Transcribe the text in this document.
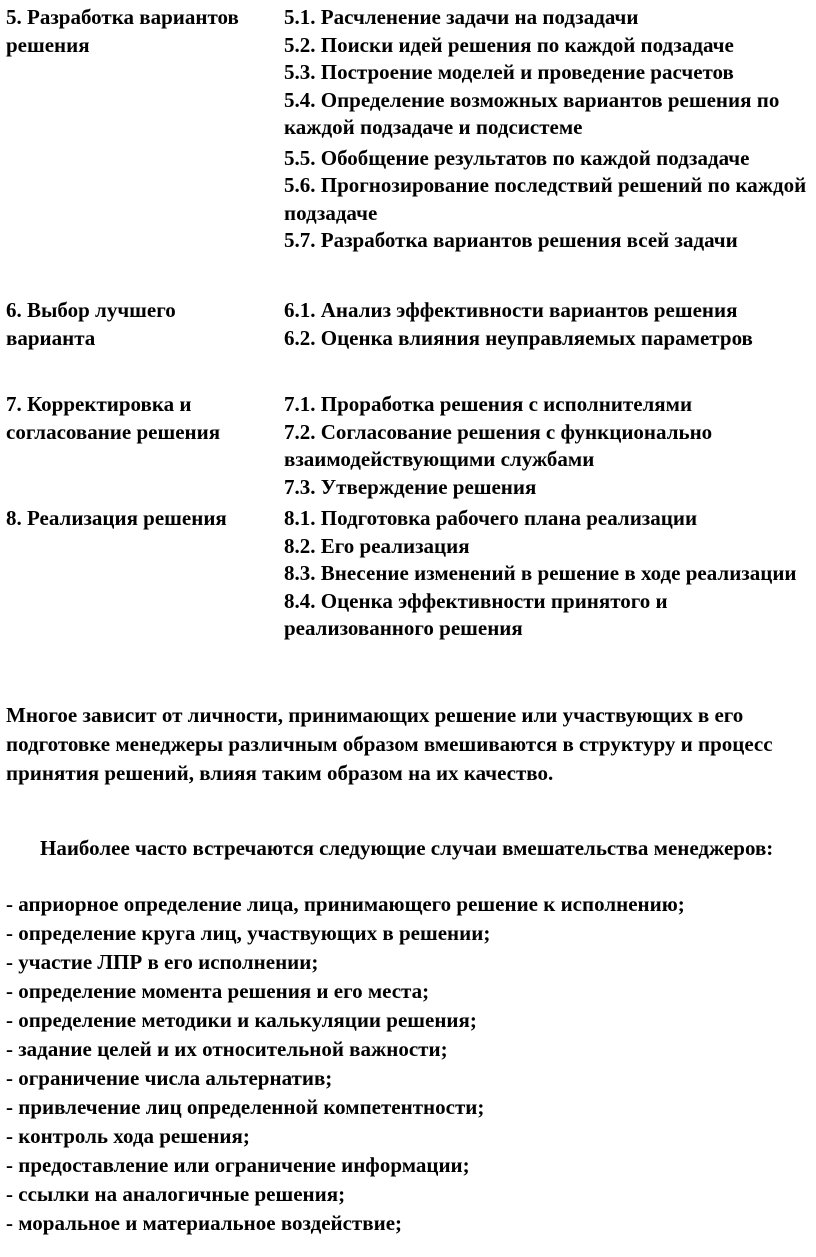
5. Разработка вариантов решения
5.1. Расчленение задачи на подзадачи
5.2. Поиски идей решения по каждой подзадаче
5.3. Построение моделей и проведение расчетов
5.4. Определение возможных вариантов решения по каждой подзадаче и подсистеме
5.5. Обобщение результатов по каждой подзадаче
5.6. Прогнозирование последствий решений по каждой подзадаче
5.7. Разработка вариантов решения всей задачи
6. Выбор лучшего варианта
6.1. Анализ эффективности вариантов решения
6.2. Оценка влияния неуправляемых параметров
7. Корректировка и согласование решения
7.1. Проработка решения с исполнителями
7.2. Согласование решения с функционально взаимодействующими службами
7.3. Утверждение решения
8. Реализация решения	8.1. Подготовка рабочего плана реализации
8.2. Его реализация
8.3. Внесение изменений в решение в ходе реализации
8.4. Оценка эффективности принятого и реализованного решения
Многое зависит от личности, принимающих решение или участвующих в его подготовке менеджеры различным образом вмешиваются в структуру и процесс принятия решений, влияя таким образом на их качество.
Наиболее часто встречаются следующие случаи вмешательства менеджеров:
- априорное определение лица, принимающего решение к исполнению;
- определение круга лиц, участвующих в решении;
- участие ЛПР в его исполнении;
- определение момента решения и его места;
- определение методики и калькуляции решения;
- задание целей и их относительной важности;
- ограничение числа альтернатив;
- привлечение лиц определенной компетентности;
- контроль хода решения;
- предоставление или ограничение информации;
- ссылки на аналогичные решения;
- моральное и материальное воздействие;
